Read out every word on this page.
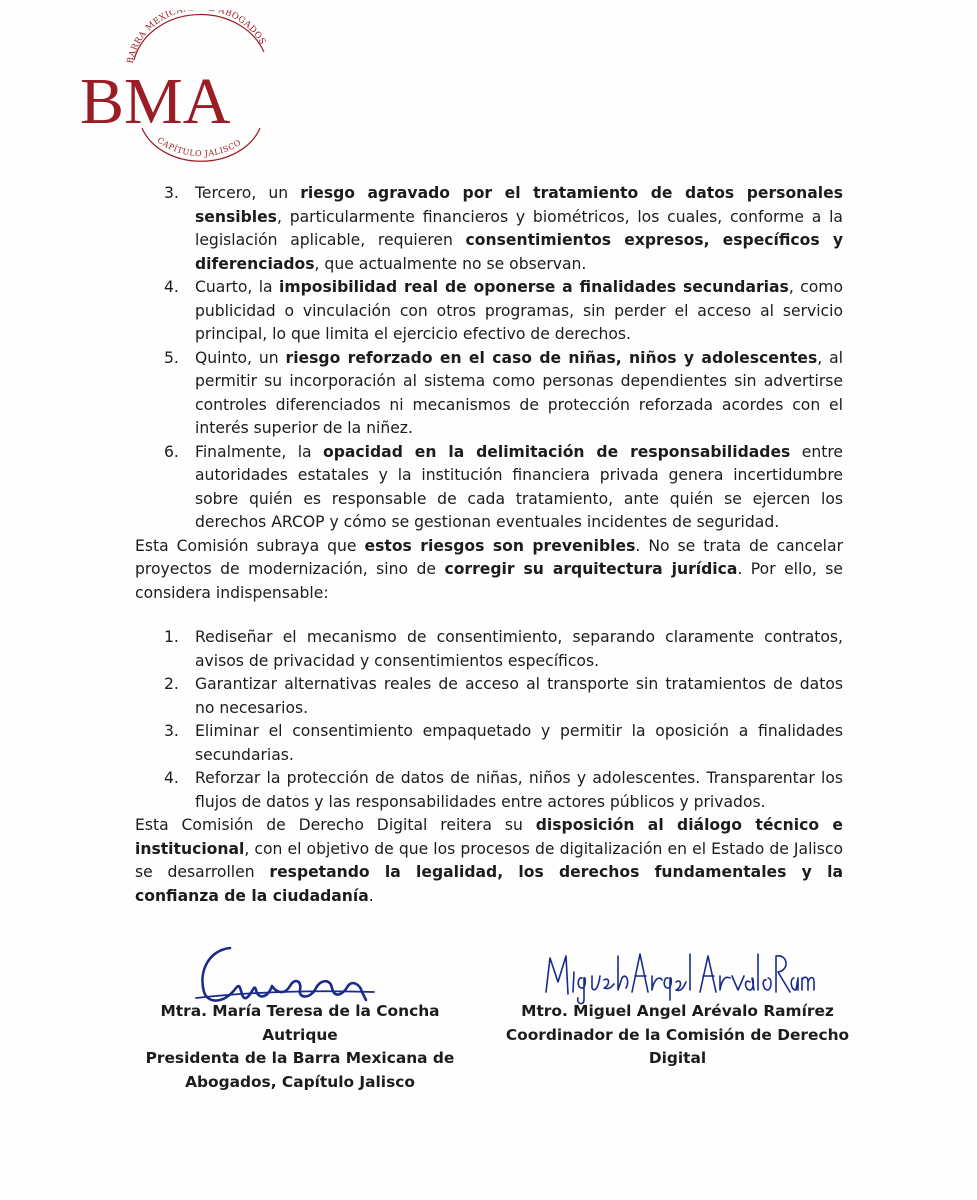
BARRA MEXICA ABOGADOS
BMA
CAPÍTULO JALISCO
3. Tercero, un riesgo agravado por el tratamiento de datos personales sensibles, particularmente financieros y biométricos, los cuales, conforme a la legislación aplicable, requieren consentimientos expresos, específicos y diferenciados, que actualmente no se observan.
4. Cuarto, la imposibilidad real de oponerse a finalidades secundarias, como publicidad o vinculación con otros programas, sin perder el acceso al servicio principal, lo que limita el ejercicio efectivo de derechos.
5. Quinto, un riesgo reforzado en el caso de niñas, niños y adolescentes, al permitir su incorporación al sistema como personas dependientes sin advertirse controles diferenciados ni mecanismos de protección reforzada acordes con el interés superior de la niñez.
6. Finalmente, la opacidad en la delimitación de responsabilidades entre autoridades estatales y la institución financiera privada genera incertidumbre sobre quién es responsable de cada tratamiento, ante quién se ejercen los derechos ARCOP y cómo se gestionan eventuales incidentes de seguridad.

Esta Comisión subraya que estos riesgos son prevenibles. No se trata de cancelar proyectos de modernización, sino de corregir su arquitectura jurídica. Por ello, se considera indispensable:

1. Rediseñar el mecanismo de consentimiento, separando claramente contratos, avisos de privacidad y consentimientos específicos.
2. Garantizar alternativas reales de acceso al transporte sin tratamientos de datos no necesarios.
3. Eliminar el consentimiento empaquetado y permitir la oposición a finalidades secundarias.
4. Reforzar la protección de datos de niñas, niños y adolescentes. Transparentar los flujos de datos y las responsabilidades entre actores públicos y privados.

Esta Comisión de Derecho Digital reitera su disposición al diálogo técnico e institucional, con el objetivo de que los procesos de digitalización en el Estado de Jalisco se desarrollen respetando la legalidad, los derechos fundamentales y la confianza de la ciudadanía.

Mtra. María Teresa de la Concha
Autrique
Presidenta de la Barra Mexicana de
Abogados, Capítulo Jalisco
Mtro. Miguel Angel Arévalo Ramírez
Coordinador de la Comisión de Derecho
Digital
